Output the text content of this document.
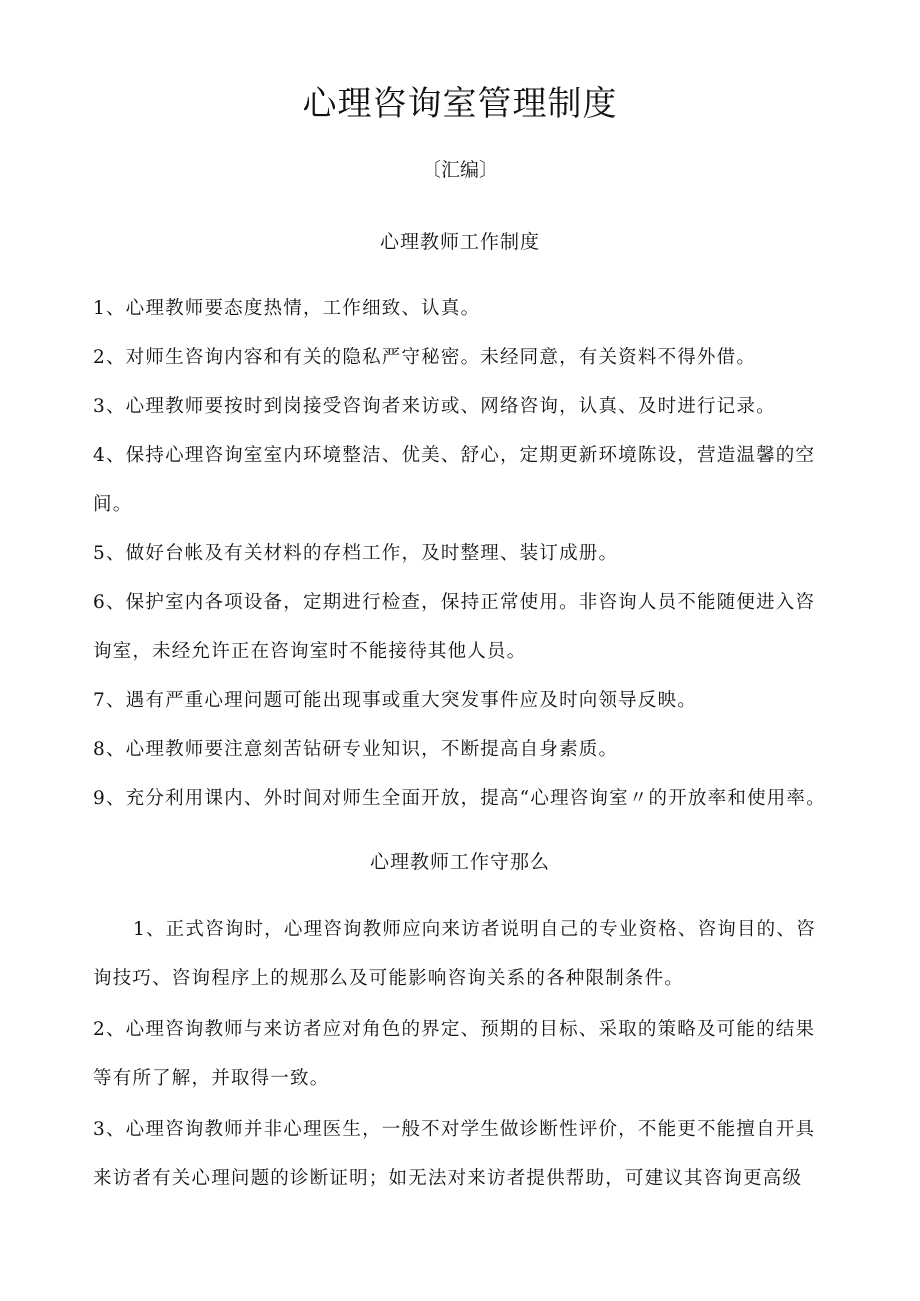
心理咨询室管理制度
〔汇编〕
心理教师工作制度

1、心理教师要态度热情，工作细致、认真。

2、对师生咨询内容和有关的隐私严守秘密。未经同意，有关资料不得外借。

3、心理教师要按时到岗接受咨询者来访或、网络咨询，认真、及时进行记录。

4、保持心理咨询室室内环境整洁、优美、舒心，定期更新环境陈设，营造温馨的空间。

5、做好台帐及有关材料的存档工作，及时整理、装订成册。

6、保护室内各项设备，定期进行检查，保持正常使用。非咨询人员不能随便进入咨询室，未经允许正在咨询室时不能接待其他人员。

7、遇有严重心理问题可能出现事或重大突发事件应及时向领导反映。

8、心理教师要注意刻苦钻研专业知识，不断提高自身素质。

9、充分利用课内、外时间对师生全面开放，提高“心理咨询室〃的开放率和使用率。

心理教师工作守那么

1、正式咨询时，心理咨询教师应向来访者说明自己的专业资格、咨询目的、咨询技巧、咨询程序上的规那么及可能影响咨询关系的各种限制条件。

2、心理咨询教师与来访者应对角色的界定、预期的目标、采取的策略及可能的结果等有所了解，并取得一致。

3、心理咨询教师并非心理医生，一般不对学生做诊断性评价，不能更不能擅自开具来访者有关心理问题的诊断证明；如无法对来访者提供帮助，可建议其咨询更高级
